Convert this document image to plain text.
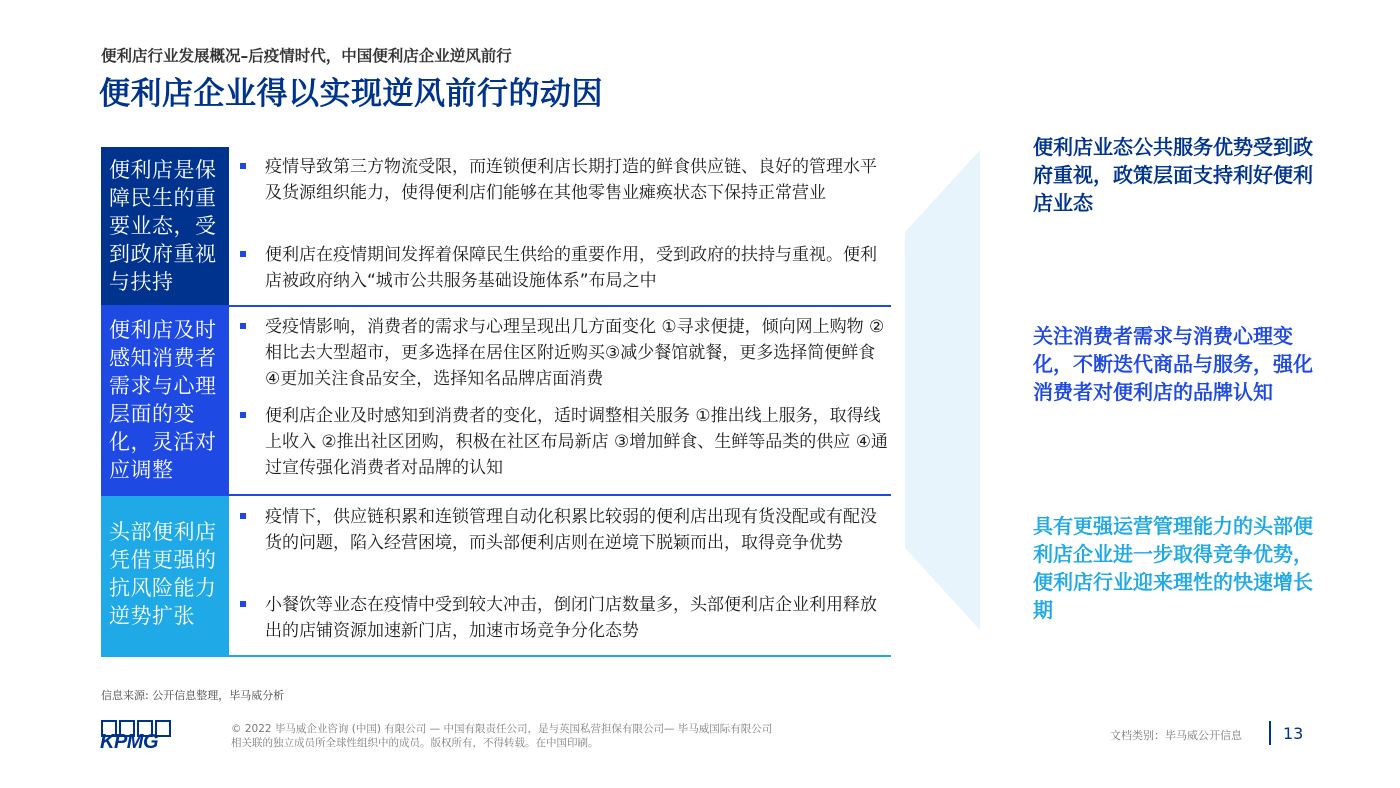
便利店行业发展概况–后疫情时代，中国便利店企业逆风前行
便利店企业得以实现逆风前行的动因
便利店是保障民生的重要业态，受到政府重视与扶持
疫情导致第三方物流受限，而连锁便利店长期打造的鲜食供应链、良好的管理水平及货源组织能力，使得便利店们能够在其他零售业瘫痪状态下保持正常营业
便利店在疫情期间发挥着保障民生供给的重要作用，受到政府的扶持与重视。便利店被政府纳入“城市公共服务基础设施体系”布局之中
便利店及时感知消费者需求与心理层面的变化，灵活对应调整
受疫情影响，消费者的需求与心理呈现出几方面变化 ①寻求便捷，倾向网上购物 ②相比去大型超市，更多选择在居住区附近购买③减少餐馆就餐，更多选择简便鲜食 ④更加关注食品安全，选择知名品牌店面消费
便利店企业及时感知到消费者的变化，适时调整相关服务 ①推出线上服务，取得线上收入 ②推出社区团购，积极在社区布局新店 ③增加鲜食、生鲜等品类的供应 ④通过宣传强化消费者对品牌的认知
头部便利店凭借更强的抗风险能力逆势扩张
疫情下，供应链积累和连锁管理自动化积累比较弱的便利店出现有货没配或有配没货的问题，陷入经营困境，而头部便利店则在逆境下脱颖而出，取得竞争优势
小餐饮等业态在疫情中受到较大冲击，倒闭门店数量多，头部便利店企业利用释放出的店铺资源加速新门店，加速市场竞争分化态势
便利店业态公共服务优势受到政府重视，政策层面支持利好便利店业态
关注消费者需求与消费心理变化，不断迭代商品与服务，强化消费者对便利店的品牌认知
具有更强运营管理能力的头部便利店企业进一步取得竞争优势，便利店行业迎来理性的快速增长期
信息来源: 公开信息整理，毕马威分析
KPMG
© 2022 毕马威企业咨询 (中国) 有限公司 — 中国有限责任公司，是与英国私营担保有限公司— 毕马威国际有限公司
相关联的独立成员所全球性组织中的成员。版权所有，不得转载。在中国印刷。
文档类别：毕马威公开信息	13
